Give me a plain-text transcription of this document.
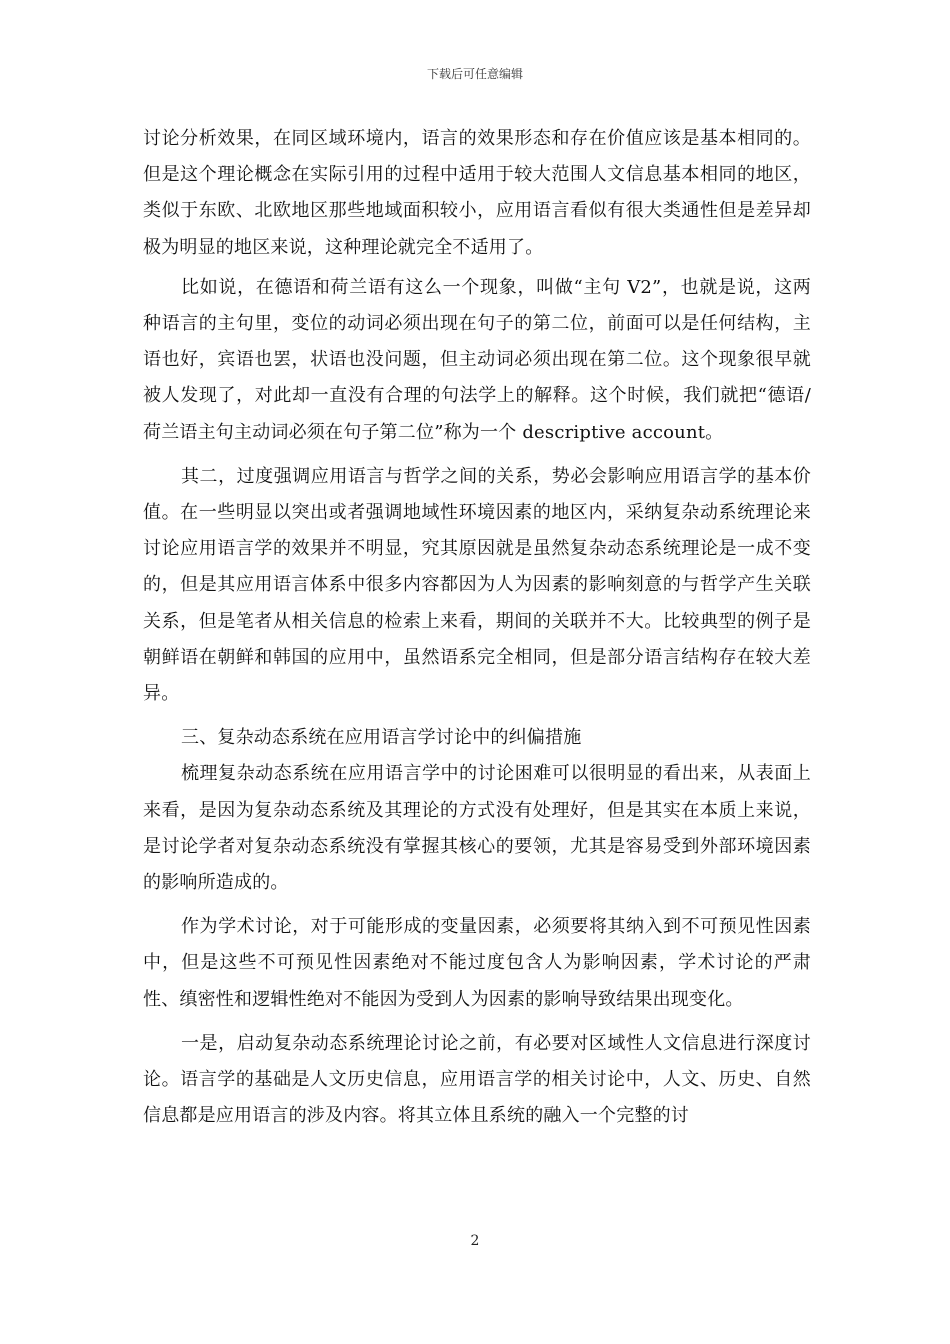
下载后可任意编辑

讨论分析效果，在同区域环境内，语言的效果形态和存在价值应该是基本相同的。但是这个理论概念在实际引用的过程中适用于较大范围人文信息基本相同的地区，类似于东欧、北欧地区那些地域面积较小，应用语言看似有很大类通性但是差异却极为明显的地区来说，这种理论就完全不适用了。

比如说，在德语和荷兰语有这么一个现象，叫做“主句 V2”，也就是说，这两种语言的主句里，变位的动词必须出现在句子的第二位，前面可以是任何结构，主语也好，宾语也罢，状语也没问题，但主动词必须出现在第二位。这个现象很早就被人发现了，对此却一直没有合理的句法学上的解释。这个时候，我们就把“德语/荷兰语主句主动词必须在句子第二位”称为一个 descriptive account。

其二，过度强调应用语言与哲学之间的关系，势必会影响应用语言学的基本价值。在一些明显以突出或者强调地域性环境因素的地区内，采纳复杂动系统理论来讨论应用语言学的效果并不明显，究其原因就是虽然复杂动态系统理论是一成不变的，但是其应用语言体系中很多内容都因为人为因素的影响刻意的与哲学产生关联关系，但是笔者从相关信息的检索上来看，期间的关联并不大。比较典型的例子是朝鲜语在朝鲜和韩国的应用中，虽然语系完全相同，但是部分语言结构存在较大差异。

三、复杂动态系统在应用语言学讨论中的纠偏措施

梳理复杂动态系统在应用语言学中的讨论困难可以很明显的看出来，从表面上来看，是因为复杂动态系统及其理论的方式没有处理好，但是其实在本质上来说，是讨论学者对复杂动态系统没有掌握其核心的要领，尤其是容易受到外部环境因素的影响所造成的。

作为学术讨论，对于可能形成的变量因素，必须要将其纳入到不可预见性因素中，但是这些不可预见性因素绝对不能过度包含人为影响因素，学术讨论的严肃性、缜密性和逻辑性绝对不能因为受到人为因素的影响导致结果出现变化。

一是，启动复杂动态系统理论讨论之前，有必要对区域性人文信息进行深度讨论。语言学的基础是人文历史信息，应用语言学的相关讨论中，人文、历史、自然信息都是应用语言的涉及内容。将其立体且系统的融入一个完整的讨

2
